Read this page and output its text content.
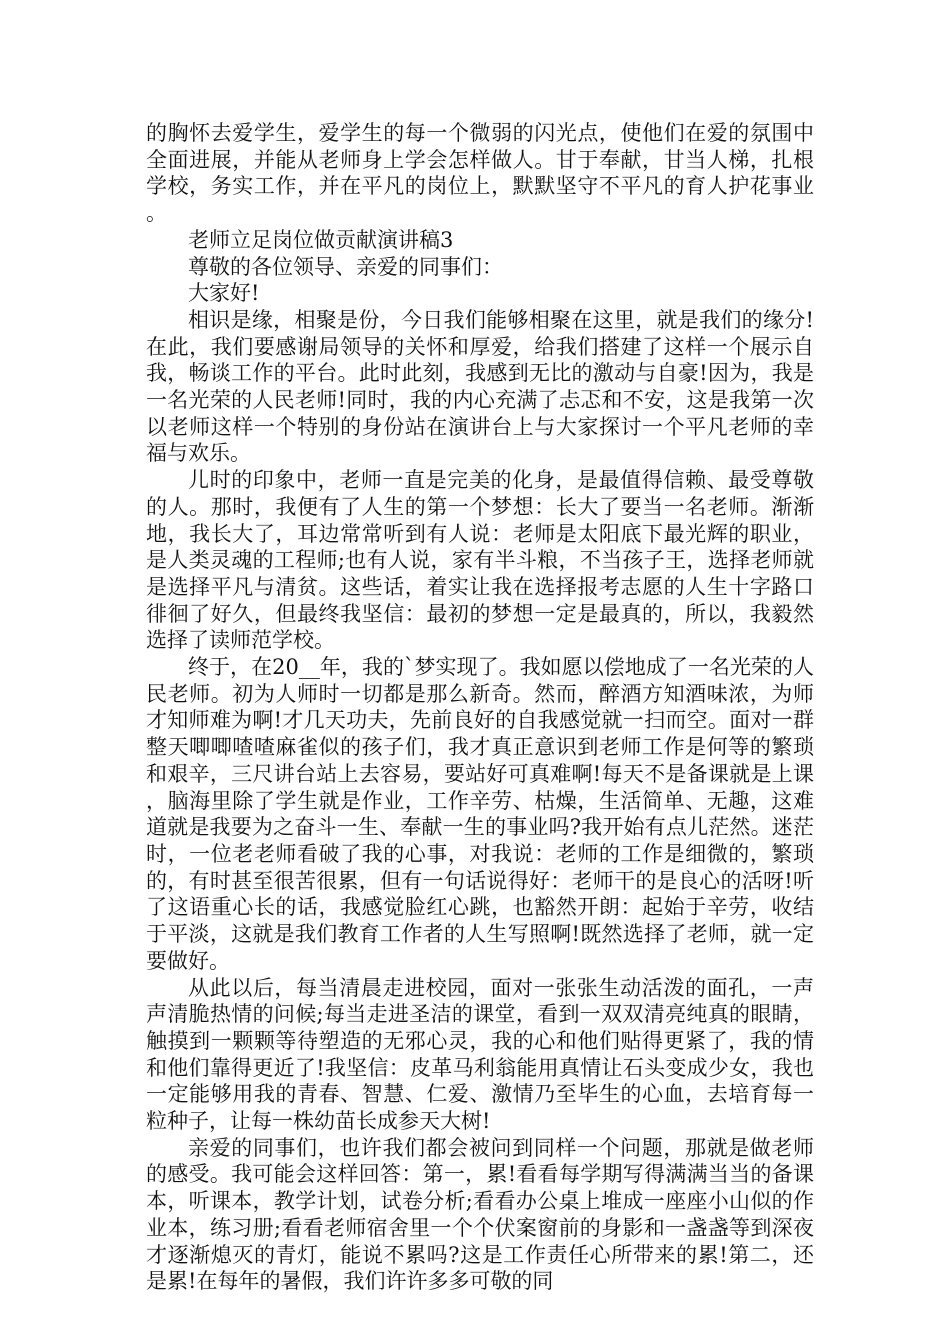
的胸怀去爱学生，爱学生的每一个微弱的闪光点，使他们在爱的氛围中全面进展，并能从老师身上学会怎样做人。甘于奉献，甘当人梯，扎根学校，务实工作，并在平凡的岗位上，默默坚守不平凡的育人护花事业。

老师立足岗位做贡献演讲稿3

尊敬的各位领导、亲爱的同事们：

大家好!

相识是缘，相聚是份，今日我们能够相聚在这里，就是我们的缘分!在此，我们要感谢局领导的关怀和厚爱，给我们搭建了这样一个展示自我，畅谈工作的平台。此时此刻，我感到无比的激动与自豪!因为，我是一名光荣的人民老师!同时，我的内心充满了忐忑和不安，这是我第一次以老师这样一个特别的身份站在演讲台上与大家探讨一个平凡老师的幸福与欢乐。

儿时的印象中，老师一直是完美的化身，是最值得信赖、最受尊敬的人。那时，我便有了人生的第一个梦想：长大了要当一名老师。渐渐地，我长大了，耳边常常听到有人说：老师是太阳底下最光辉的职业，是人类灵魂的工程师;也有人说，家有半斗粮，不当孩子王，选择老师就是选择平凡与清贫。这些话，着实让我在选择报考志愿的人生十字路口徘徊了好久，但最终我坚信：最初的梦想一定是最真的，所以，我毅然选择了读师范学校。

终于，在20__年，我的`梦实现了。我如愿以偿地成了一名光荣的人民老师。初为人师时一切都是那么新奇。然而，醉酒方知酒味浓，为师才知师难为啊!才几天功夫，先前良好的自我感觉就一扫而空。面对一群整天唧唧喳喳麻雀似的孩子们，我才真正意识到老师工作是何等的繁琐和艰辛，三尺讲台站上去容易，要站好可真难啊!每天不是备课就是上课，脑海里除了学生就是作业，工作辛劳、枯燥，生活简单、无趣，这难道就是我要为之奋斗一生、奉献一生的事业吗?我开始有点儿茫然。迷茫时，一位老老师看破了我的心事，对我说：老师的工作是细微的，繁琐的，有时甚至很苦很累，但有一句话说得好：老师干的是良心的活呀!听了这语重心长的话，我感觉脸红心跳，也豁然开朗：起始于辛劳，收结于平淡，这就是我们教育工作者的人生写照啊!既然选择了老师，就一定要做好。

从此以后，每当清晨走进校园，面对一张张生动活泼的面孔，一声声清脆热情的问候;每当走进圣洁的课堂，看到一双双清亮纯真的眼睛，触摸到一颗颗等待塑造的无邪心灵，我的心和他们贴得更紧了，我的情和他们靠得更近了!我坚信：皮革马利翁能用真情让石头变成少女，我也一定能够用我的青春、智慧、仁爱、激情乃至毕生的心血，去培育每一粒种子，让每一株幼苗长成参天大树!

亲爱的同事们，也许我们都会被问到同样一个问题，那就是做老师的感受。我可能会这样回答：第一，累!看看每学期写得满满当当的备课本，听课本，教学计划，试卷分析;看看办公桌上堆成一座座小山似的作业本，练习册;看看老师宿舍里一个个伏案窗前的身影和一盏盏等到深夜才逐渐熄灭的青灯，能说不累吗?这是工作责任心所带来的累!第二，还是累!在每年的暑假，我们许许多多可敬的同
